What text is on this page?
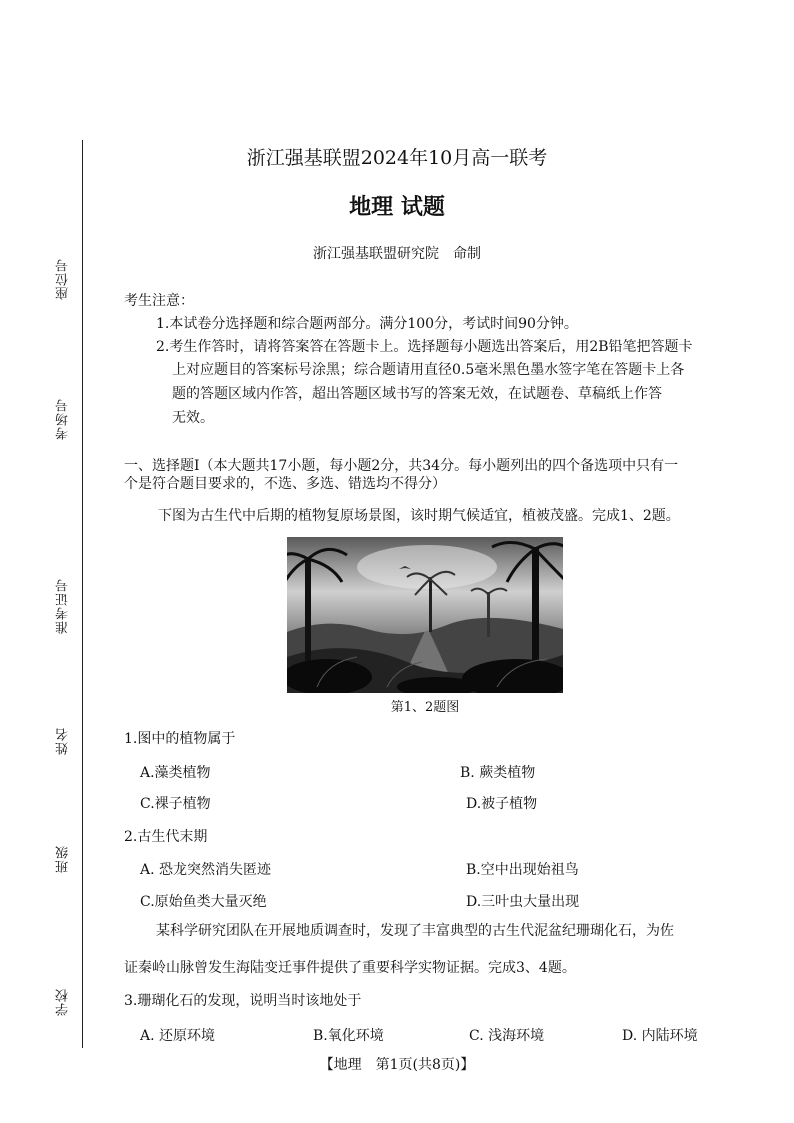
座位号
考场号
准考证号
姓名
班级
学校
浙江强基联盟2024年10月高一联考
地理 试题
浙江强基联盟研究院　命制
考生注意：
1.本试卷分选择题和综合题两部分。满分100分，考试时间90分钟。
2.考生作答时，请将答案答在答题卡上。选择题每小题选出答案后，用2B铅笔把答题卡
上对应题目的答案标号涂黑；综合题请用直径0.5毫米黑色墨水签字笔在答题卡上各
题的答题区域内作答，超出答题区域书写的答案无效，在试题卷、草稿纸上作答
无效。
一、选择题Ⅰ（本大题共17小题，每小题2分，共34分。每小题列出的四个备选项中只有一
个是符合题目要求的，不选、多选、错选均不得分）
下图为古生代中后期的植物复原场景图，该时期气候适宜，植被茂盛。完成1、2题。
第1、2题图
1.图中的植物属于
A.藻类植物	B. 蕨类植物
C.裸子植物	D.被子植物
2.古生代末期
A. 恐龙突然消失匿迹	B.空中出现始祖鸟
C.原始鱼类大量灭绝	D.三叶虫大量出现
某科学研究团队在开展地质调查时，发现了丰富典型的古生代泥盆纪珊瑚化石，为佐
证秦岭山脉曾发生海陆变迁事件提供了重要科学实物证据。完成3、4题。
3.珊瑚化石的发现，说明当时该地处于
A. 还原环境	B.氧化环境	C. 浅海环境	D. 内陆环境
【地理　第1页(共8页)】
